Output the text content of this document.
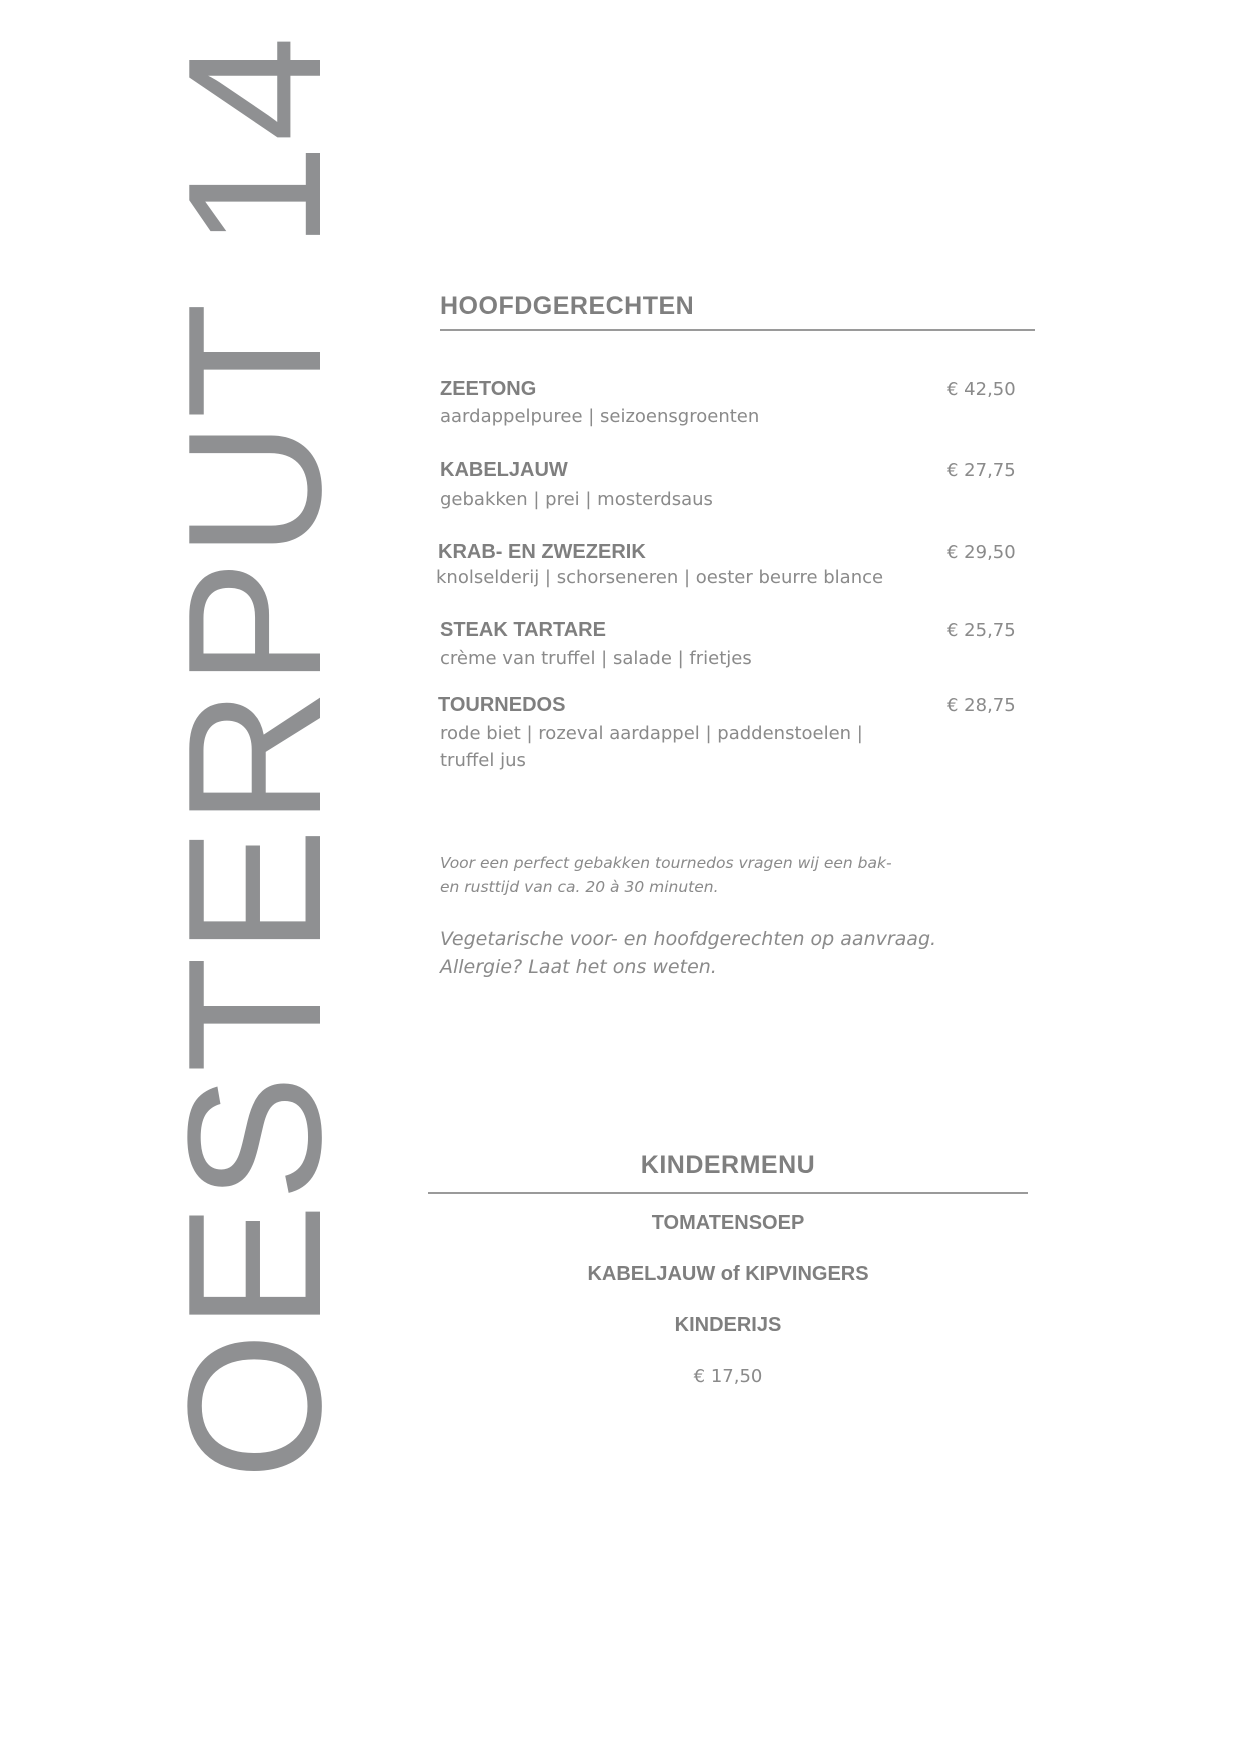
OESTERPUT 14	HOOFDGERECHTEN
ZEETONG	€ 42,50
aardappelpuree | seizoensgroenten
KABELJAUW	€ 27,75
gebakken | prei | mosterdsaus
KRAB- EN ZWEZERIK	€ 29,50
knolselderij | schorseneren | oester beurre blance
STEAK TARTARE	€ 25,75
crème van truffel | salade | frietjes
TOURNEDOS	€ 28,75
rode biet | rozeval aardappel | paddenstoelen |
truffel jus
Voor een perfect gebakken tournedos vragen wij een bak-
en rusttijd van ca. 20 à 30 minuten.
Vegetarische voor- en hoofdgerechten op aanvraag.
Allergie? Laat het ons weten.
KINDERMENU
TOMATENSOEP
KABELJAUW of KIPVINGERS
KINDERIJS
€ 17,50
